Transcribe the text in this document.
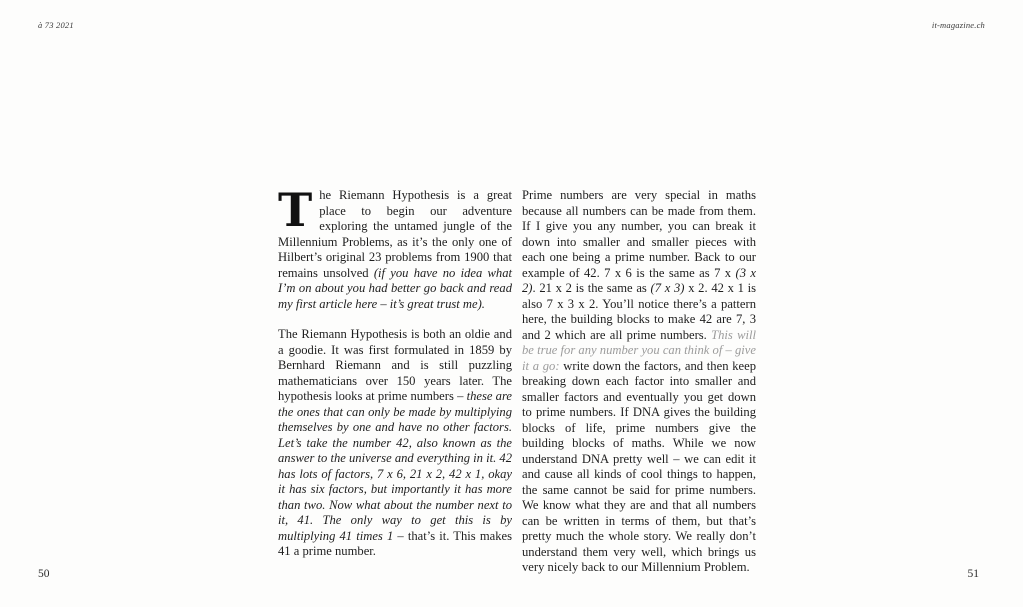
à 73 2021	it-magazine.ch

The Riemann Hypothesis is a great place to begin our adventure exploring the untamed jungle of the Millennium Problems, as it’s the only one of Hilbert’s original 23 problems from 1900 that remains unsolved (if you have no idea what I’m on about you had better go back and read my first article here – it’s great trust me).

The Riemann Hypothesis is both an oldie and a goodie. It was first formulated in 1859 by Bernhard Riemann and is still puzzling mathematicians over 150 years later. The hypothesis looks at prime numbers – these are the ones that can only be made by multiplying themselves by one and have no other factors. Let’s take the number 42, also known as the answer to the universe and everything in it. 42 has lots of factors, 7 x 6, 21 x 2, 42 x 1, okay it has six factors, but importantly it has more than two. Now what about the number next to it, 41. The only way to get this is by multiplying 41 times 1 – that’s it. This makes 41 a prime number.

Prime numbers are very special in maths because all numbers can be made from them. If I give you any number, you can break it down into smaller and smaller pieces with each one being a prime number. Back to our example of 42. 7 x 6 is the same as 7 x (3 x 2). 21 x 2 is the same as (7 x 3) x 2. 42 x 1 is also 7 x 3 x 2. You’ll notice there’s a pattern here, the building blocks to make 42 are 7, 3 and 2 which are all prime numbers. This will be true for any number you can think of – give it a go: write down the factors, and then keep breaking down each factor into smaller and smaller factors and eventually you get down to prime numbers. If DNA gives the building blocks of life, prime numbers give the building blocks of maths. While we now understand DNA pretty well – we can edit it and cause all kinds of cool things to happen, the same cannot be said for prime numbers. We know what they are and that all numbers can be written in terms of them, but that’s pretty much the whole story. We really don’t understand them very well, which brings us very nicely back to our Millennium Problem.

50	51
